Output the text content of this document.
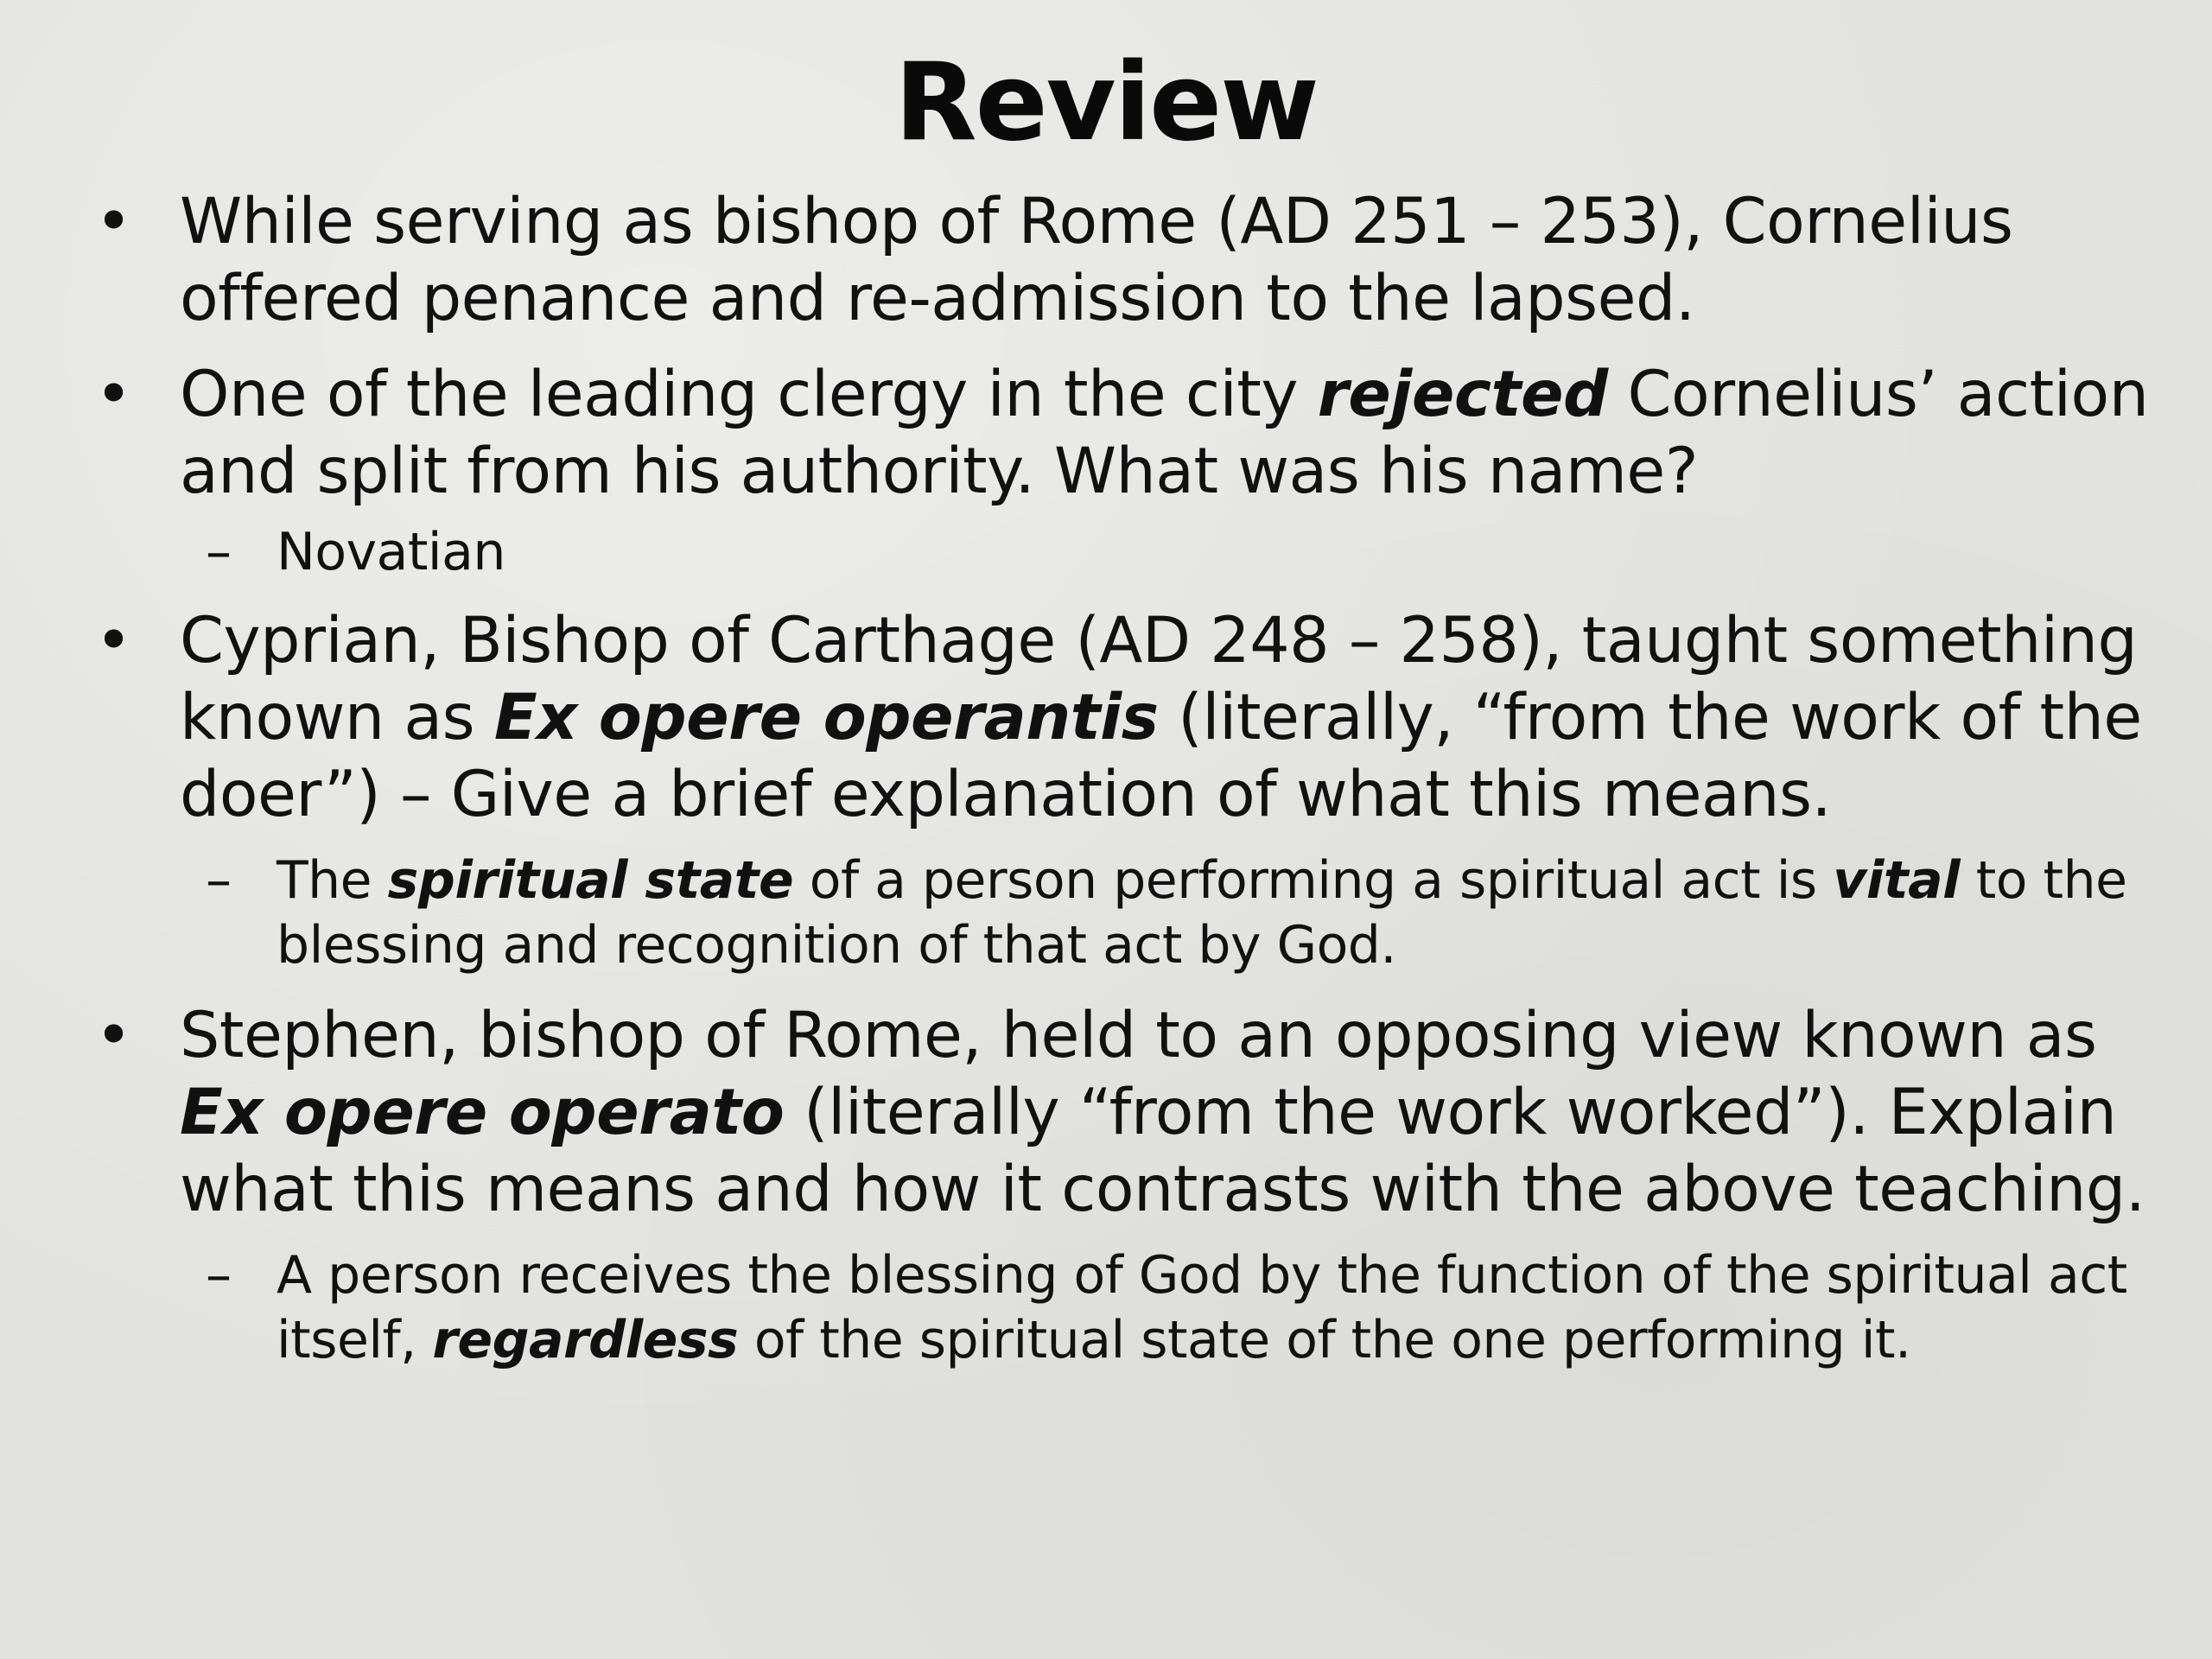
Review
• While serving as bishop of Rome (AD 251 – 253), Cornelius offered penance and re-admission to the lapsed.
• One of the leading clergy in the city rejected Cornelius’ action and split from his authority. What was his name?
– Novatian
• Cyprian, Bishop of Carthage (AD 248 – 258), taught something known as Ex opere operantis (literally, “from the work of the doer”) – Give a brief explanation of what this means.
– The spiritual state of a person performing a spiritual act is vital to the blessing and recognition of that act by God.
• Stephen, bishop of Rome, held to an opposing view known as Ex opere operato (literally “from the work worked”). Explain what this means and how it contrasts with the above teaching.
– A person receives the blessing of God by the function of the spiritual act itself, regardless of the spiritual state of the one performing it.
